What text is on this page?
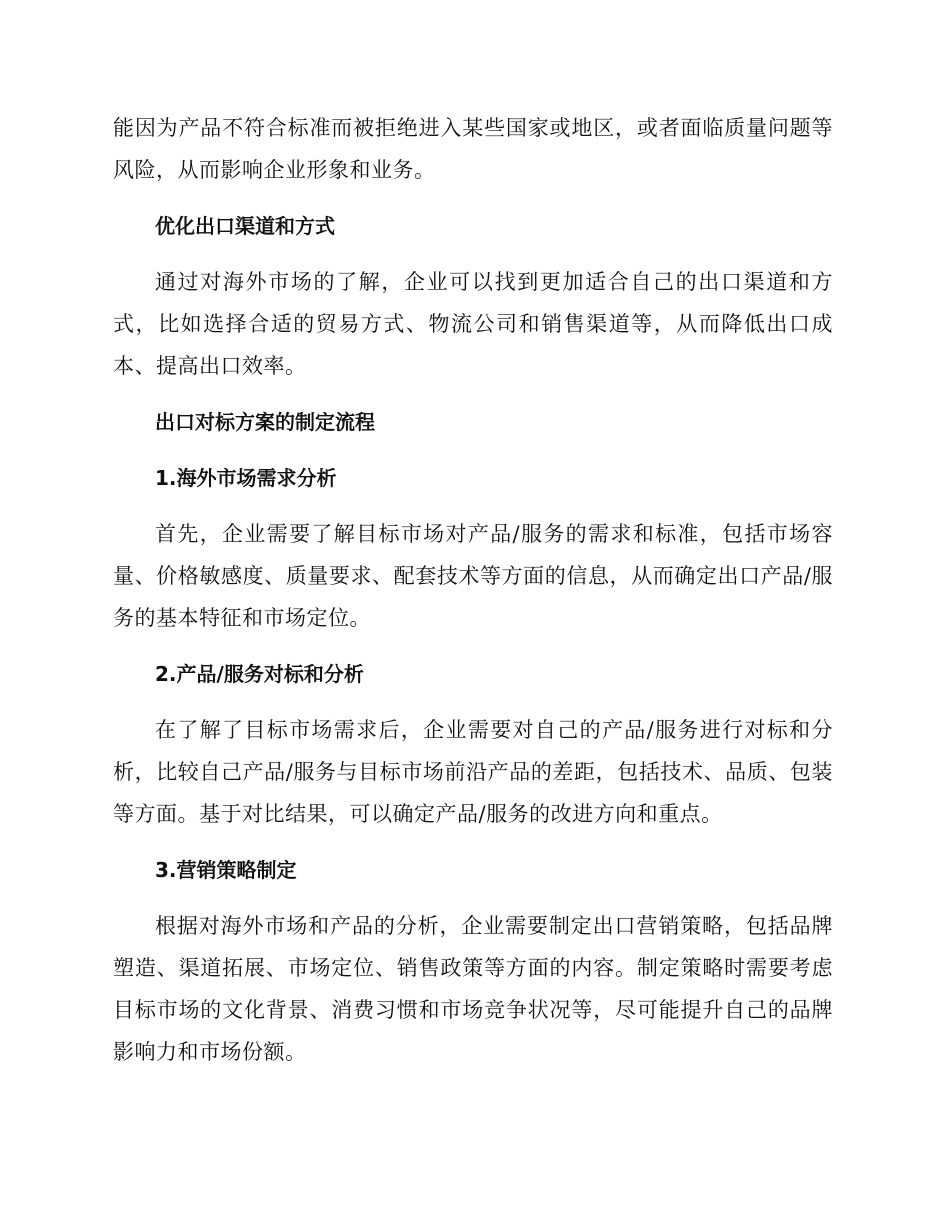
能因为产品不符合标准而被拒绝进入某些国家或地区，或者面临质量问题等风险，从而影响企业形象和业务。

优化出口渠道和方式

通过对海外市场的了解，企业可以找到更加适合自己的出口渠道和方式，比如选择合适的贸易方式、物流公司和销售渠道等，从而降低出口成本、提高出口效率。

出口对标方案的制定流程
1.海外市场需求分析

首先，企业需要了解目标市场对产品/服务的需求和标准，包括市场容量、价格敏感度、质量要求、配套技术等方面的信息，从而确定出口产品/服务的基本特征和市场定位。

2.产品/服务对标和分析

在了解了目标市场需求后，企业需要对自己的产品/服务进行对标和分析，比较自己产品/服务与目标市场前沿产品的差距，包括技术、品质、包装等方面。基于对比结果，可以确定产品/服务的改进方向和重点。

3.营销策略制定

根据对海外市场和产品的分析，企业需要制定出口营销策略，包括品牌塑造、渠道拓展、市场定位、销售政策等方面的内容。制定策略时需要考虑目标市场的文化背景、消费习惯和市场竞争状况等，尽可能提升自己的品牌影响力和市场份额。
